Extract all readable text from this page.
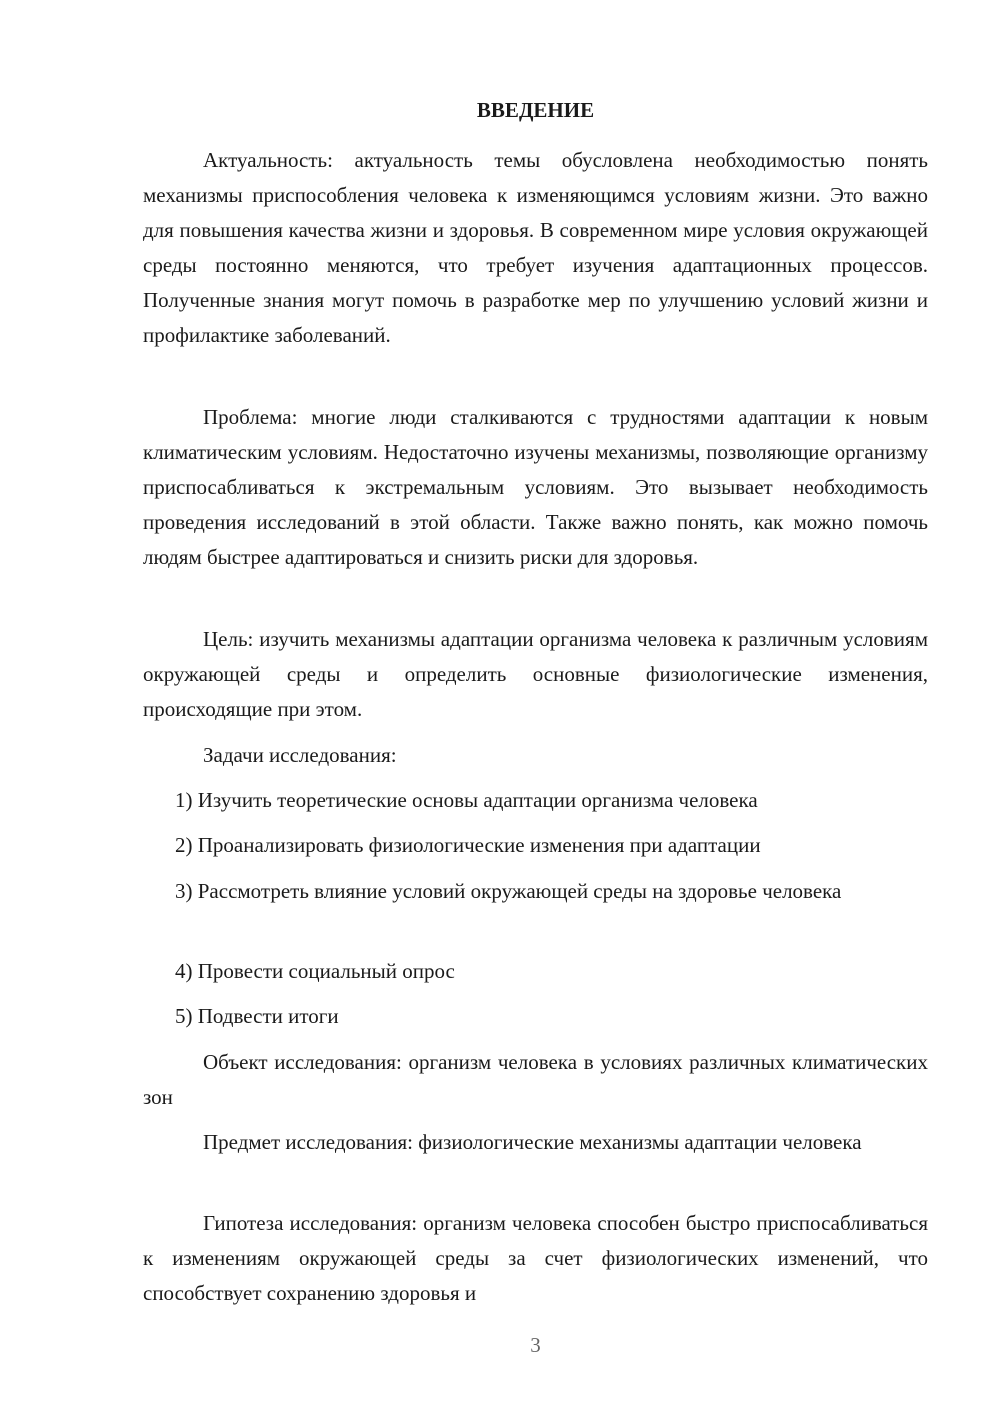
ВВЕДЕНИЕ

Актуальность: актуальность темы обусловлена необходимостью понять механизмы приспособления человека к изменяющимся условиям жизни. Это важно для повышения качества жизни и здоровья. В современном мире условия окружающей среды постоянно меняются, что требует изучения адаптационных процессов. Полученные знания могут помочь в разработке мер по улучшению условий жизни и профилактике заболеваний.

Проблема: многие люди сталкиваются с трудностями адаптации к новым климатическим условиям. Недостаточно изучены механизмы, позволяющие организму приспосабливаться к экстремальным условиям. Это вызывает необходимость проведения исследований в этой области. Также важно понять, как можно помочь людям быстрее адаптироваться и снизить риски для здоровья.

Цель: изучить механизмы адаптации организма человека к различным условиям окружающей среды и определить основные физиологические изменения, происходящие при этом.

Задачи исследования:

1) Изучить теоретические основы адаптации организма человека

2) Проанализировать физиологические изменения при адаптации

3) Рассмотреть влияние условий окружающей среды на здоровье человека

4) Провести социальный опрос

5) Подвести итоги

Объект исследования: организм человека в условиях различных климатических зон

Предмет исследования: физиологические механизмы адаптации человека

Гипотеза исследования: организм человека способен быстро приспосабливаться к изменениям окружающей среды за счет физиологических изменений, что способствует сохранению здоровья и

3
